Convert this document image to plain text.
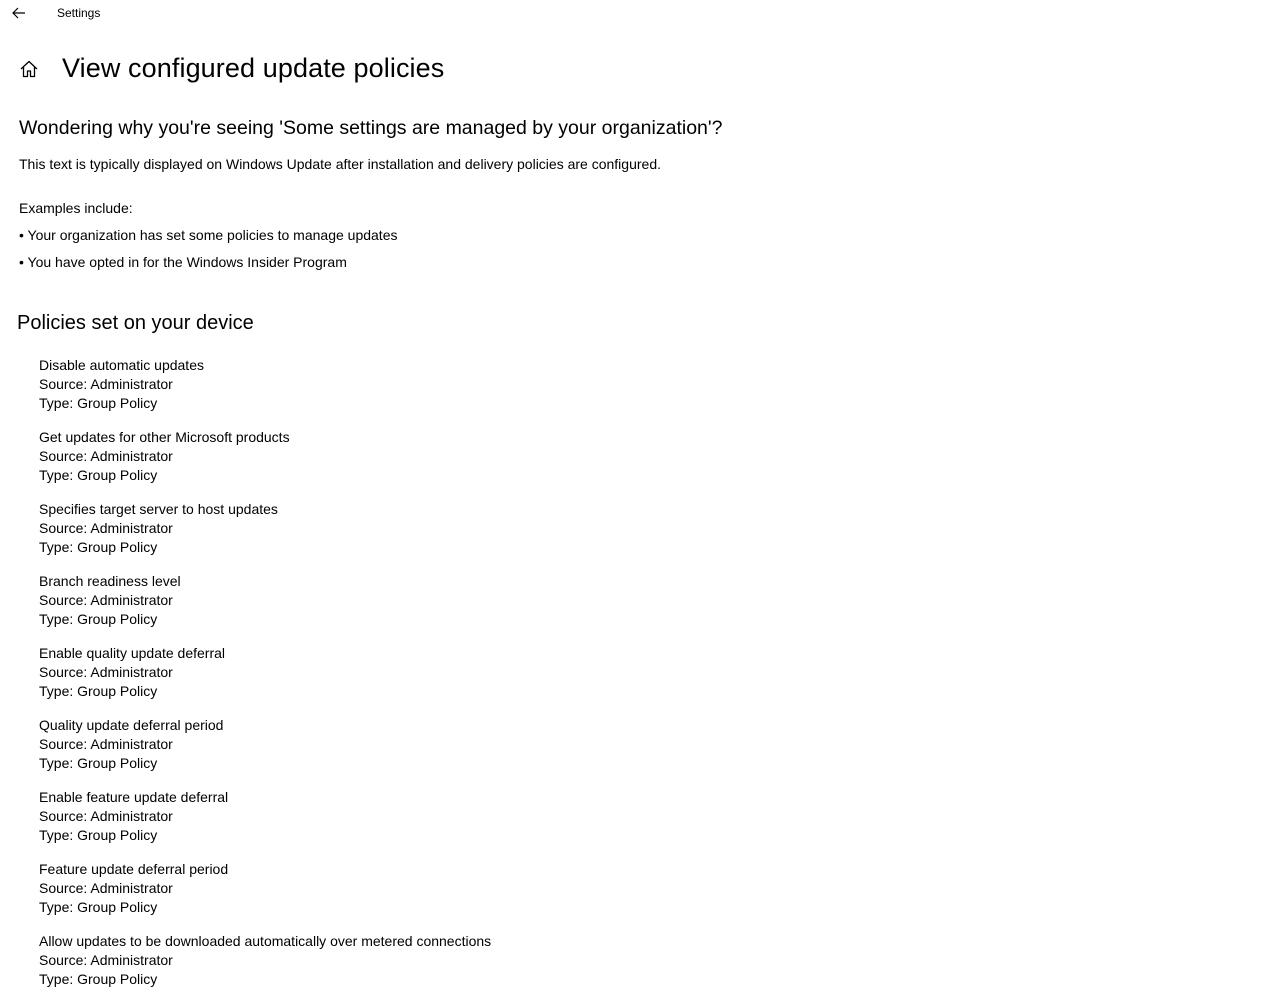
Settings
View configured update policies
Wondering why you're seeing 'Some settings are managed by your organization'?
This text is typically displayed on Windows Update after installation and delivery policies are configured.
Examples include:
• Your organization has set some policies to manage updates
• You have opted in for the Windows Insider Program
Policies set on your device
Disable automatic updates
Source: Administrator
Type: Group Policy
Get updates for other Microsoft products
Source: Administrator
Type: Group Policy
Specifies target server to host updates
Source: Administrator
Type: Group Policy
Branch readiness level
Source: Administrator
Type: Group Policy
Enable quality update deferral
Source: Administrator
Type: Group Policy
Quality update deferral period
Source: Administrator
Type: Group Policy
Enable feature update deferral
Source: Administrator
Type: Group Policy
Feature update deferral period
Source: Administrator
Type: Group Policy
Allow updates to be downloaded automatically over metered connections
Source: Administrator
Type: Group Policy
